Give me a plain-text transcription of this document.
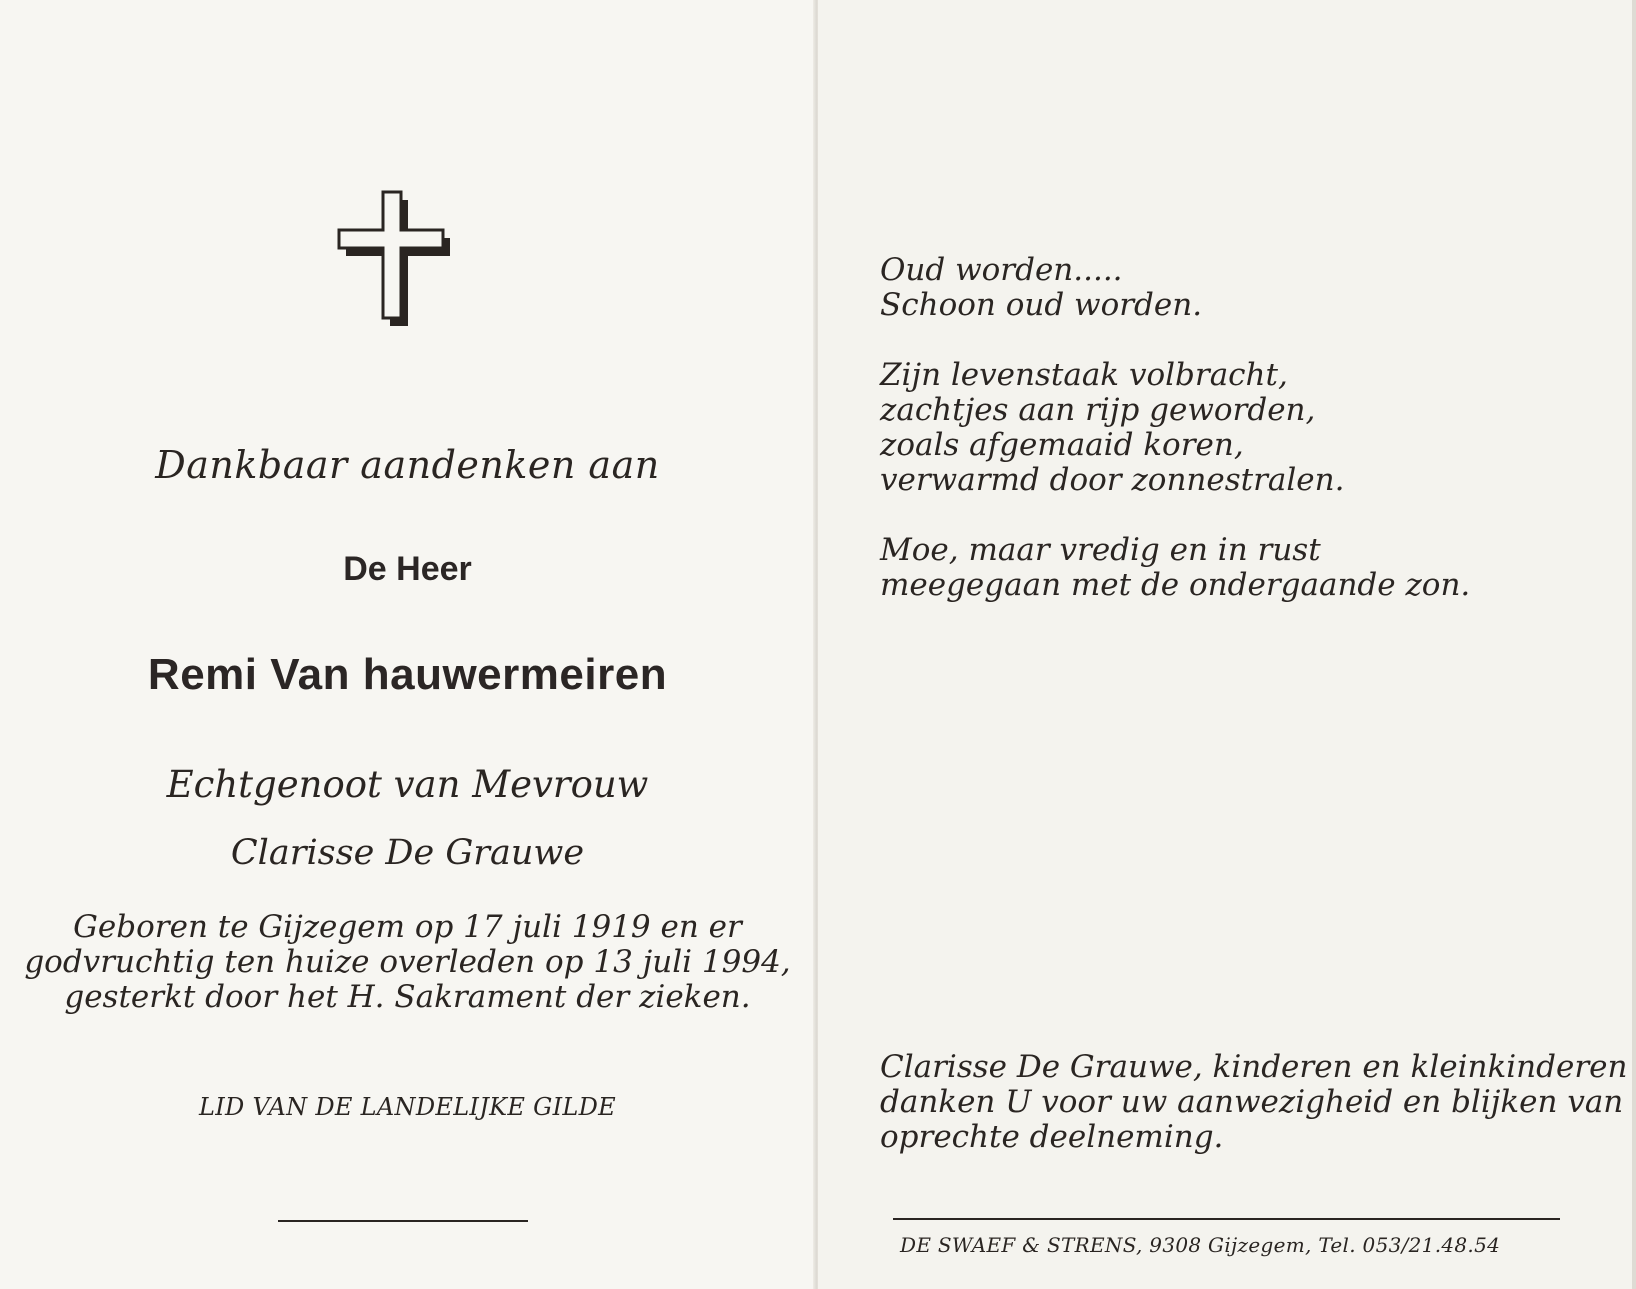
Dankbaar aandenken aan
De Heer
Remi Van hauwermeiren
Echtgenoot van Mevrouw
Clarisse De Grauwe
Geboren te Gijzegem op 17 juli 1919 en er
godvruchtig ten huize overleden op 13 juli 1994,
gesterkt door het H. Sakrament der zieken.
LID VAN DE LANDELIJKE GILDE
Oud worden.....
Schoon oud worden.
Zijn levenstaak volbracht,
zachtjes aan rijp geworden,
zoals afgemaaid koren,
verwarmd door zonnestralen.
Moe, maar vredig en in rust
meegegaan met de ondergaande zon.
Clarisse De Grauwe, kinderen en kleinkinderen
danken U voor uw aanwezigheid en blijken van
oprechte deelneming.
DE SWAEF & STRENS, 9308 Gijzegem, Tel. 053/21.48.54
